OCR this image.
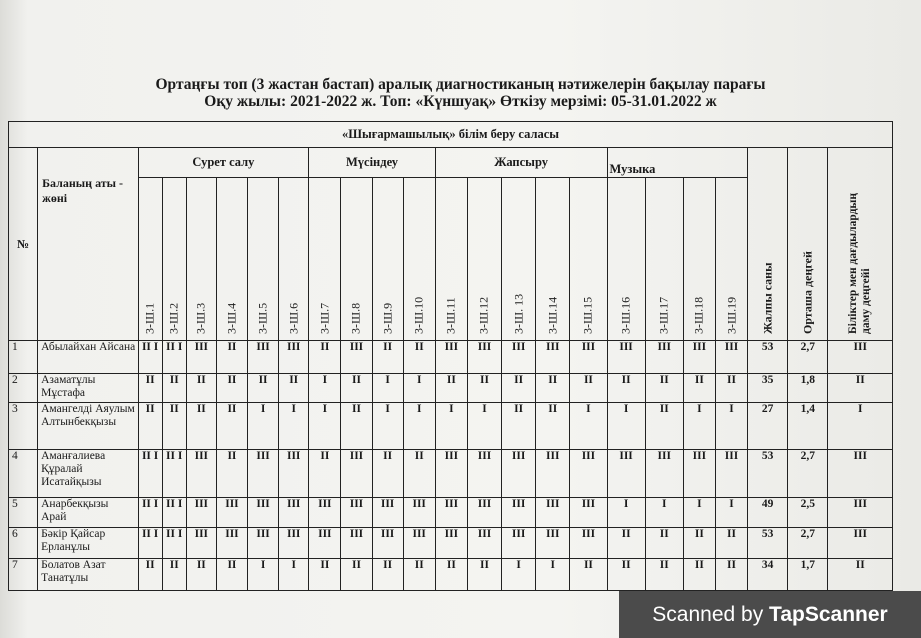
Ортаңғы топ (3 жастан бастап) аралық диагностиканың нәтижелерін бақылау парағы
Оқу жылы: 2021-2022 ж. Топ: «Күншуақ» Өткізу мерзімі: 05-31.01.2022 ж
«Шығармашылық» білім беру саласы																							
№	Баланың аты - жөні	Сурет салу						Мүсіндеу				Жапсыру					Музыка				Жалпы саны	Орташа деңгей	Біліктер мен дағдылардың даму деңгейі

		3-Ш.1	3-Ш.2	3-Ш.3	3-Ш.4	3-Ш.5	3-Ш.6	3-Ш.7	3-Ш.8	3-Ш.9	3-Ш.10	3-Ш.11	3-Ш.12	3-Ш. 13	3-Ш.14	3-Ш.15	3-Ш.16	3-Ш.17	3-Ш.18	3-Ш.19			

1	Абылайхан Айсана	II I	II I	III	II	III	III	II	III	II	II	III	III	III	III	III	III	III	III	III	53	2,7	III
2	Азаматұлы Мұстафа	II	II	II	II	II	II	I	II	I	I	II	II	II	II	II	II	II	II	II	35	1,8	II
3	Амангелді Аяулым Алтынбекқызы	II	II	II	II	I	I	I	II	I	I	I	I	II	II	I	I	II	I	I	27	1,4	I
4	Аманғалиева Құралай Исатайқызы	II I	II I	III	II	III	III	II	III	II	II	III	III	III	III	III	III	III	III	III	53	2,7	III
5	Анарбекқызы Арай	II I	II I	III	III	III	III	III	III	III	III	III	III	III	III	III	I	I	I	I	49	2,5	III
6	Бәкір Қайсар Ерланұлы	II I	II I	III	III	III	III	III	III	III	III	III	III	III	III	III	II	II	II	II	53	2,7	III
7	Болатов Азат Танатұлы	II	II	II	II	I	I	II	II	II	II	II	II	I	I	II	II	II	II	II	34	1,7	II
Scanned by TapScanner
